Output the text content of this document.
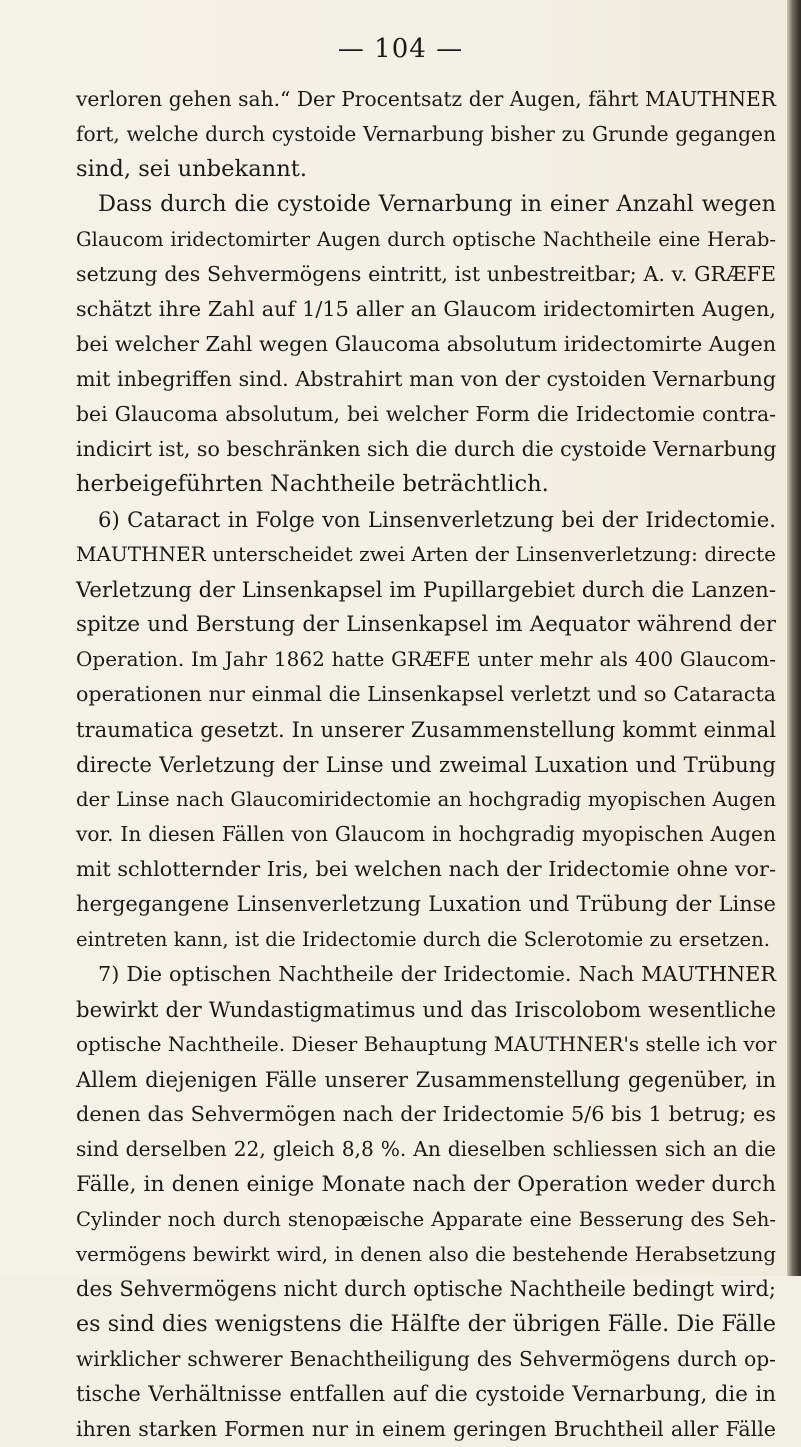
— 104 —
verloren gehen sah.“ Der Procentsatz der Augen, fährt MAUTHNER
fort, welche durch cystoide Vernarbung bisher zu Grunde gegangen
sind, sei unbekannt.
Dass durch die cystoide Vernarbung in einer Anzahl wegen
Glaucom iridectomirter Augen durch optische Nachtheile eine Herab-
setzung des Sehvermögens eintritt, ist unbestreitbar; A. v. GRÆFE
schätzt ihre Zahl auf 1/15 aller an Glaucom iridectomirten Augen,
bei welcher Zahl wegen Glaucoma absolutum iridectomirte Augen
mit inbegriffen sind. Abstrahirt man von der cystoiden Vernarbung
bei Glaucoma absolutum, bei welcher Form die Iridectomie contra-
indicirt ist, so beschränken sich die durch die cystoide Vernarbung
herbeigeführten Nachtheile beträchtlich.
6) Cataract in Folge von Linsenverletzung bei der Iridectomie.
MAUTHNER unterscheidet zwei Arten der Linsenverletzung: directe
Verletzung der Linsenkapsel im Pupillargebiet durch die Lanzen-
spitze und Berstung der Linsenkapsel im Aequator während der
Operation. Im Jahr 1862 hatte GRÆFE unter mehr als 400 Glaucom-
operationen nur einmal die Linsenkapsel verletzt und so Cataracta
traumatica gesetzt. In unserer Zusammenstellung kommt einmal
directe Verletzung der Linse und zweimal Luxation und Trübung
der Linse nach Glaucomiridectomie an hochgradig myopischen Augen
vor. In diesen Fällen von Glaucom in hochgradig myopischen Augen
mit schlotternder Iris, bei welchen nach der Iridectomie ohne vor-
hergegangene Linsenverletzung Luxation und Trübung der Linse
eintreten kann, ist die Iridectomie durch die Sclerotomie zu ersetzen.
7) Die optischen Nachtheile der Iridectomie. Nach MAUTHNER
bewirkt der Wundastigmatimus und das Iriscolobom wesentliche
optische Nachtheile. Dieser Behauptung MAUTHNER's stelle ich vor
Allem diejenigen Fälle unserer Zusammenstellung gegenüber, in
denen das Sehvermögen nach der Iridectomie 5/6 bis 1 betrug; es
sind derselben 22, gleich 8,8 %. An dieselben schliessen sich an die
Fälle, in denen einige Monate nach der Operation weder durch
Cylinder noch durch stenopæische Apparate eine Besserung des Seh-
vermögens bewirkt wird, in denen also die bestehende Herabsetzung
des Sehvermögens nicht durch optische Nachtheile bedingt wird;
es sind dies wenigstens die Hälfte der übrigen Fälle. Die Fälle
wirklicher schwerer Benachtheiligung des Sehvermögens durch op-
tische Verhältnisse entfallen auf die cystoide Vernarbung, die in
ihren starken Formen nur in einem geringen Bruchtheil aller Fälle
